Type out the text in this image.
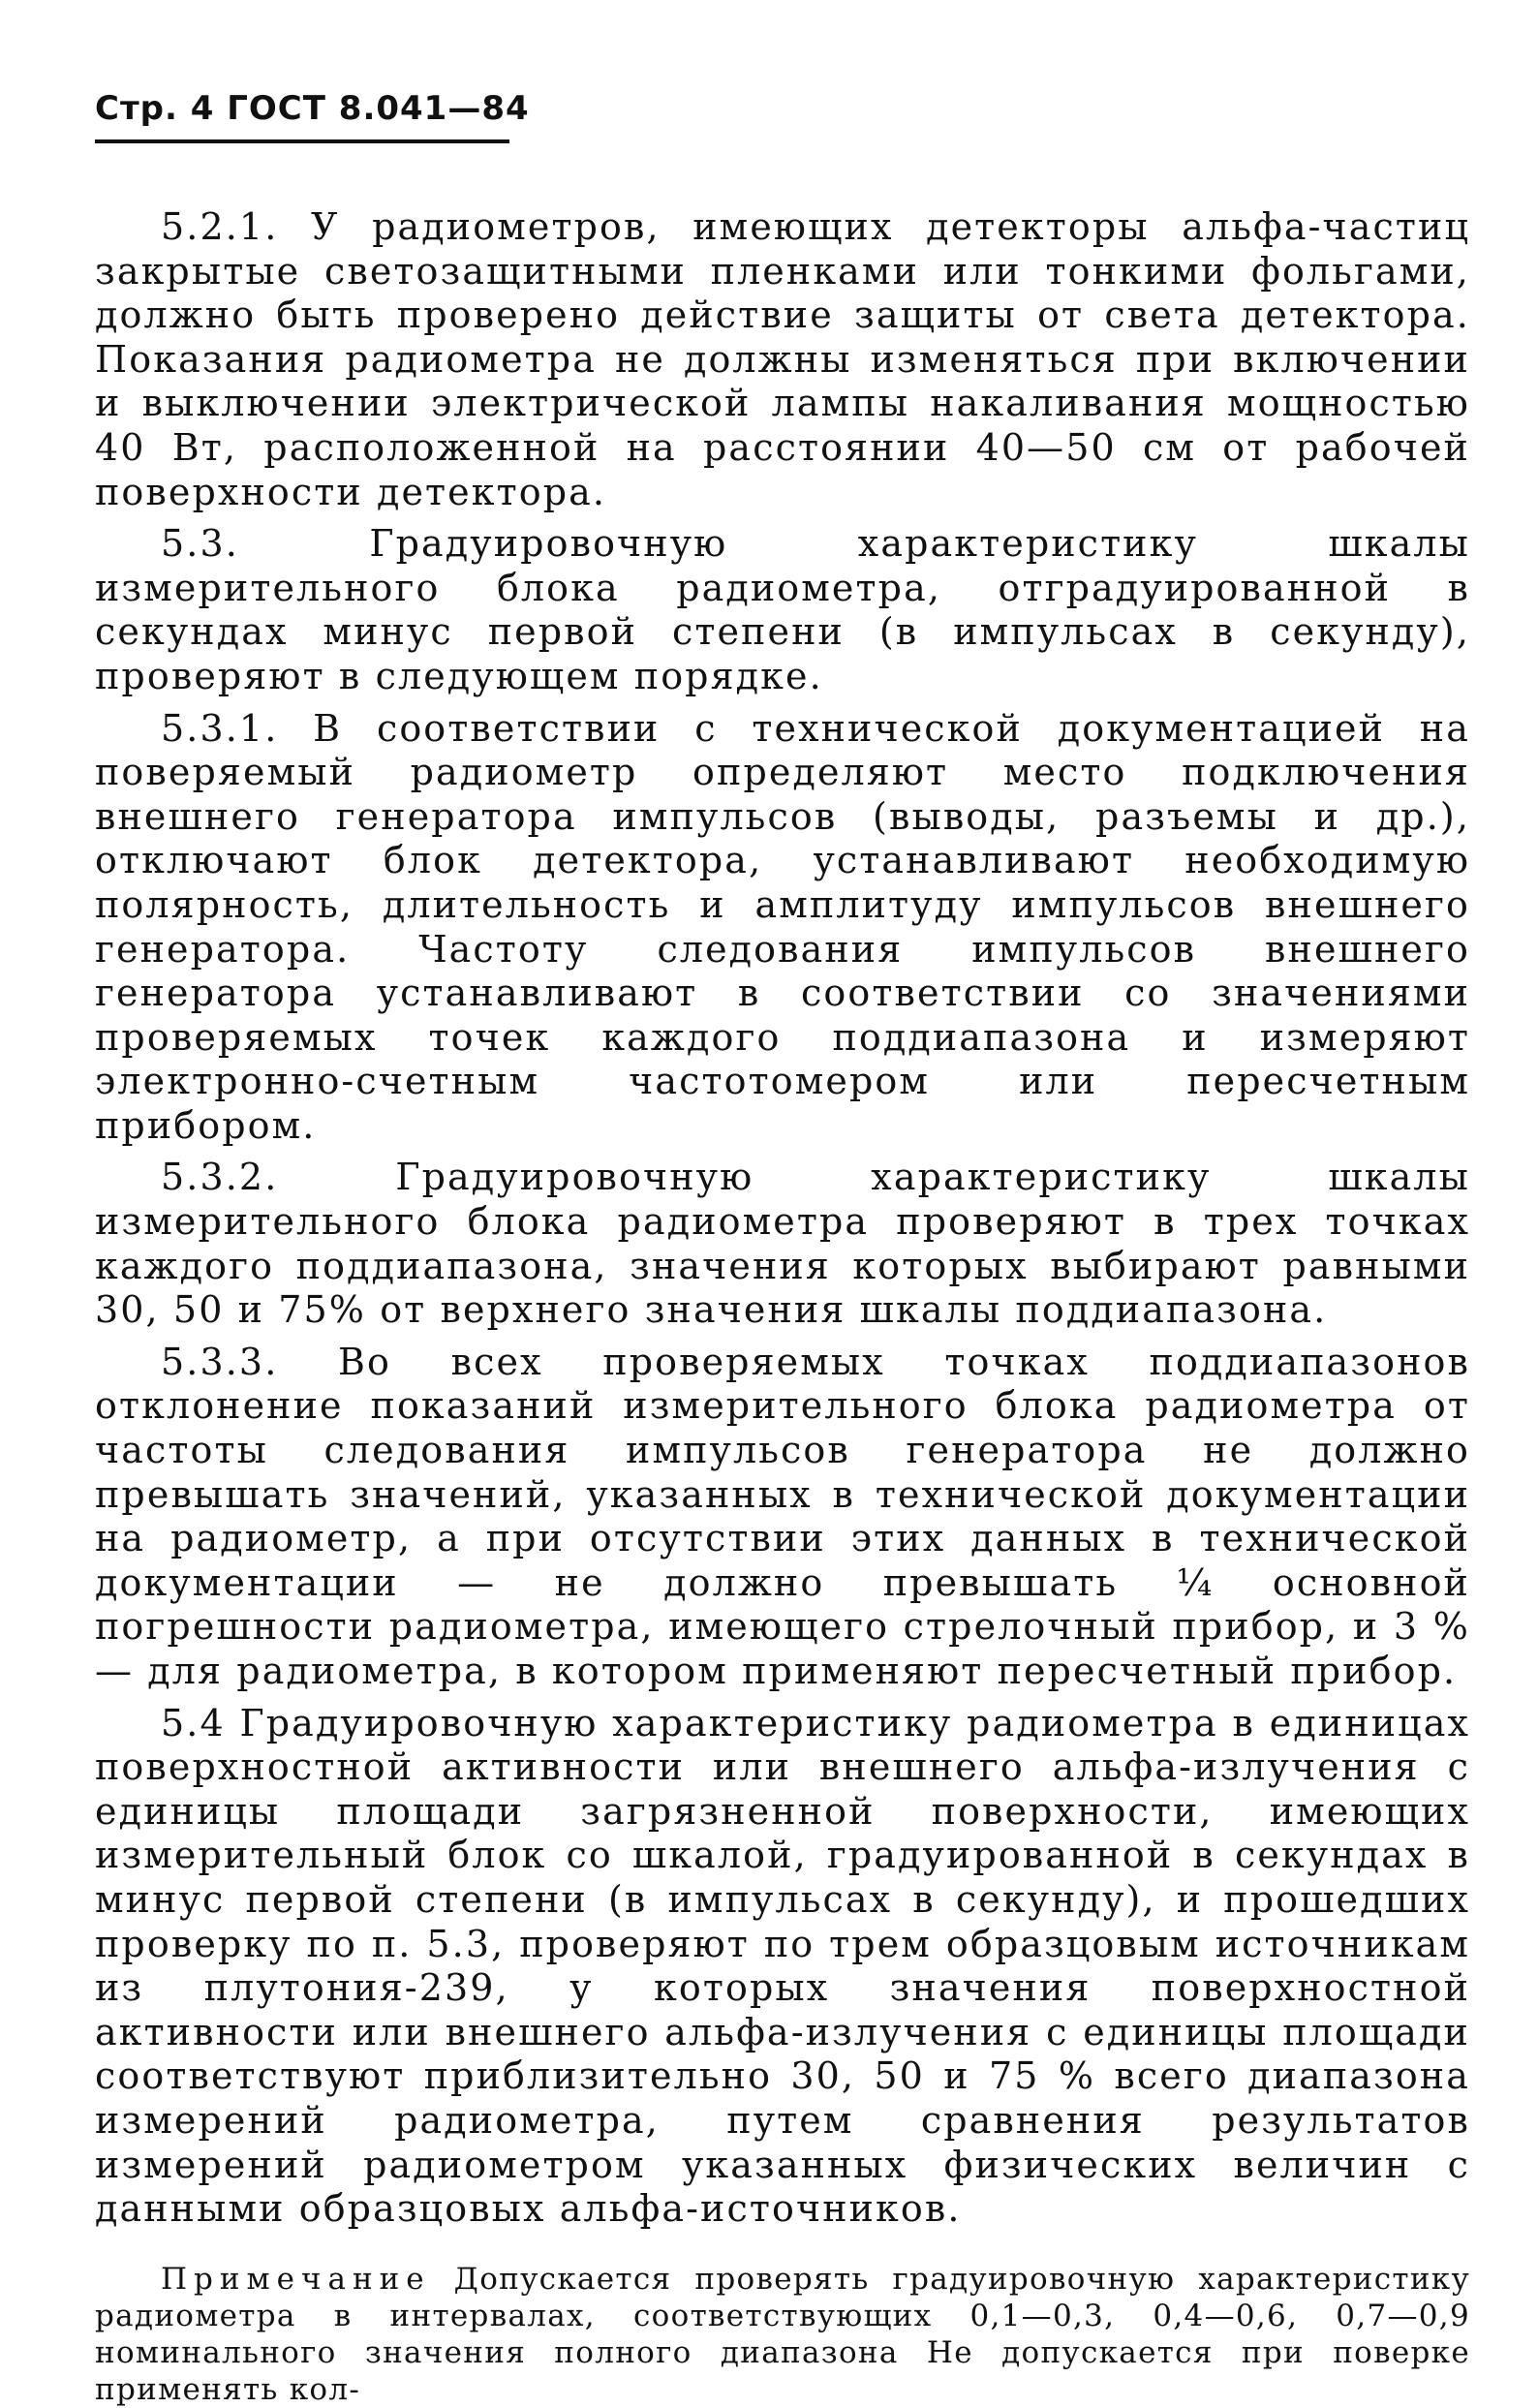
Стр. 4 ГОСТ 8.041—84

5.2.1. У радиометров, имеющих детекторы альфа-частиц закрытые светозащитными пленками или тонкими фольгами, должно быть проверено действие защиты от света детектора. Показания радиометра не должны изменяться при включении и выключении электрической лампы накаливания мощностью 40 Вт, расположенной на расстоянии 40—50 см от рабочей поверхности детектора.

5.3. Градуировочную характеристику шкалы измерительного блока радиометра, отградуированной в секундах минус первой степени (в импульсах в секунду), проверяют в следующем порядке.

5.3.1. В соответствии с технической документацией на поверяемый радиометр определяют место подключения внешнего генератора импульсов (выводы, разъемы и др.), отключают блок детектора, устанавливают необходимую полярность, длительность и амплитуду импульсов внешнего генератора. Частоту следования импульсов внешнего генератора устанавливают в соответствии со значениями проверяемых точек каждого поддиапазона и измеряют электронно-счетным частотомером или пересчетным прибором.

5.3.2. Градуировочную характеристику шкалы измерительного блока радиометра проверяют в трех точках каждого поддиапазона, значения которых выбирают равными 30, 50 и 75% от верхнего значения шкалы поддиапазона.

5.3.3. Во всех проверяемых точках поддиапазонов отклонение показаний измерительного блока радиометра от частоты следования импульсов генератора не должно превышать значений, указанных в технической документации на радиометр, а при отсутствии этих данных в технической документации — не должно превышать ¼ основной погрешности радиометра, имеющего стрелочный прибор, и 3 % — для радиометра, в котором применяют пересчетный прибор.

5.4 Градуировочную характеристику радиометра в единицах поверхностной активности или внешнего альфа-излучения с единицы площади загрязненной поверхности, имеющих измерительный блок со шкалой, градуированной в секундах в минус первой степени (в импульсах в секунду), и прошедших проверку по п. 5.3, проверяют по трем образцовым источникам из плутония-239, у которых значения поверхностной активности или внешнего альфа-излучения с единицы площади соответствуют приблизительно 30, 50 и 75 % всего диапазона измерений радиометра, путем сравнения результатов измерений радиометром указанных физических величин с данными образцовых альфа-источников.

Примечание Допускается проверять градуировочную характеристику радиометра в интервалах, соответствующих 0,1—0,3, 0,4—0,6, 0,7—0,9 номинального значения полного диапазона Не допускается при поверке применять кол-
